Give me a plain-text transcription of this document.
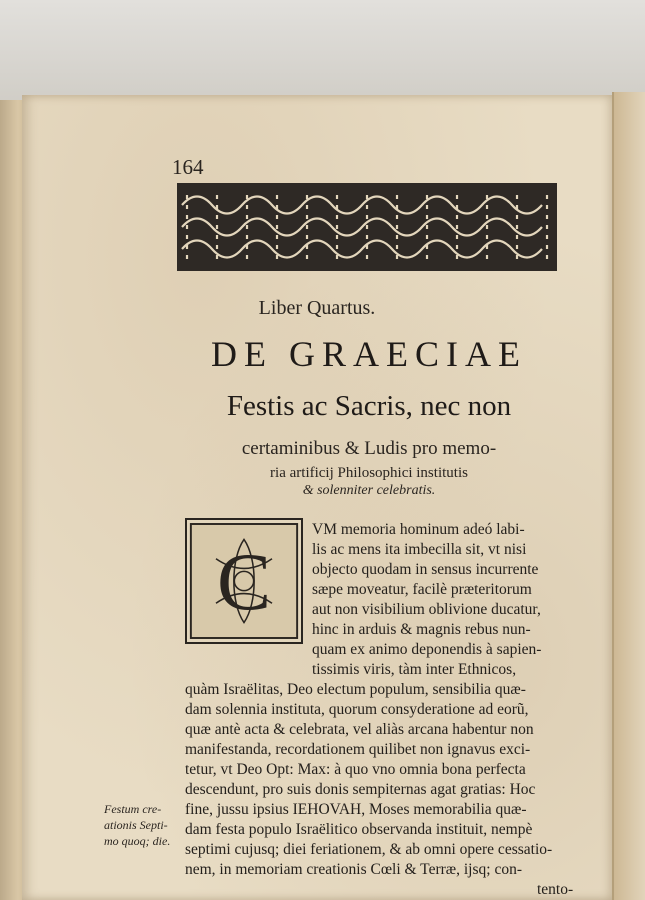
164
Liber Quartus.
DE GRAECIAE
Festis ac Sacris, nec non
certaminibus & Ludis pro memo-
ria artificij Philosophici institutis
& solenniter celebratis.
C
VM memoria hominum adeó labi-
lis ac mens ita imbecilla sit, vt nisi
objecto quodam in sensus incurrente
sæpe moveatur, facilè præteritorum
aut non visibilium oblivione ducatur,
hinc in arduis & magnis rebus nun-
quam ex animo deponendis à sapien-
tissimis viris, tàm inter Ethnicos,
quàm Israëlitas, Deo electum populum, sensibilia quæ-
dam solennia instituta, quorum consyderatione ad eorũ,
quæ antè acta & celebrata, vel aliàs arcana habentur non
manifestanda, recordationem quilibet non ignavus exci-
tetur, vt Deo Opt: Max: à quo vno omnia bona perfecta
descendunt, pro suis donis sempiternas agat gratias: Hoc
fine, jussu ipsius IEHOVAH, Moses memorabilia quæ-
dam festa populo Israëlitico observanda instituit, nempè
septimi cujusq; diei feriationem, & ab omni opere cessatio-
nem, in memoriam creationis Cœli & Terræ, ijsq; con-
tento-
Festum cre-
ationis Septi-
mo quoq; die.
